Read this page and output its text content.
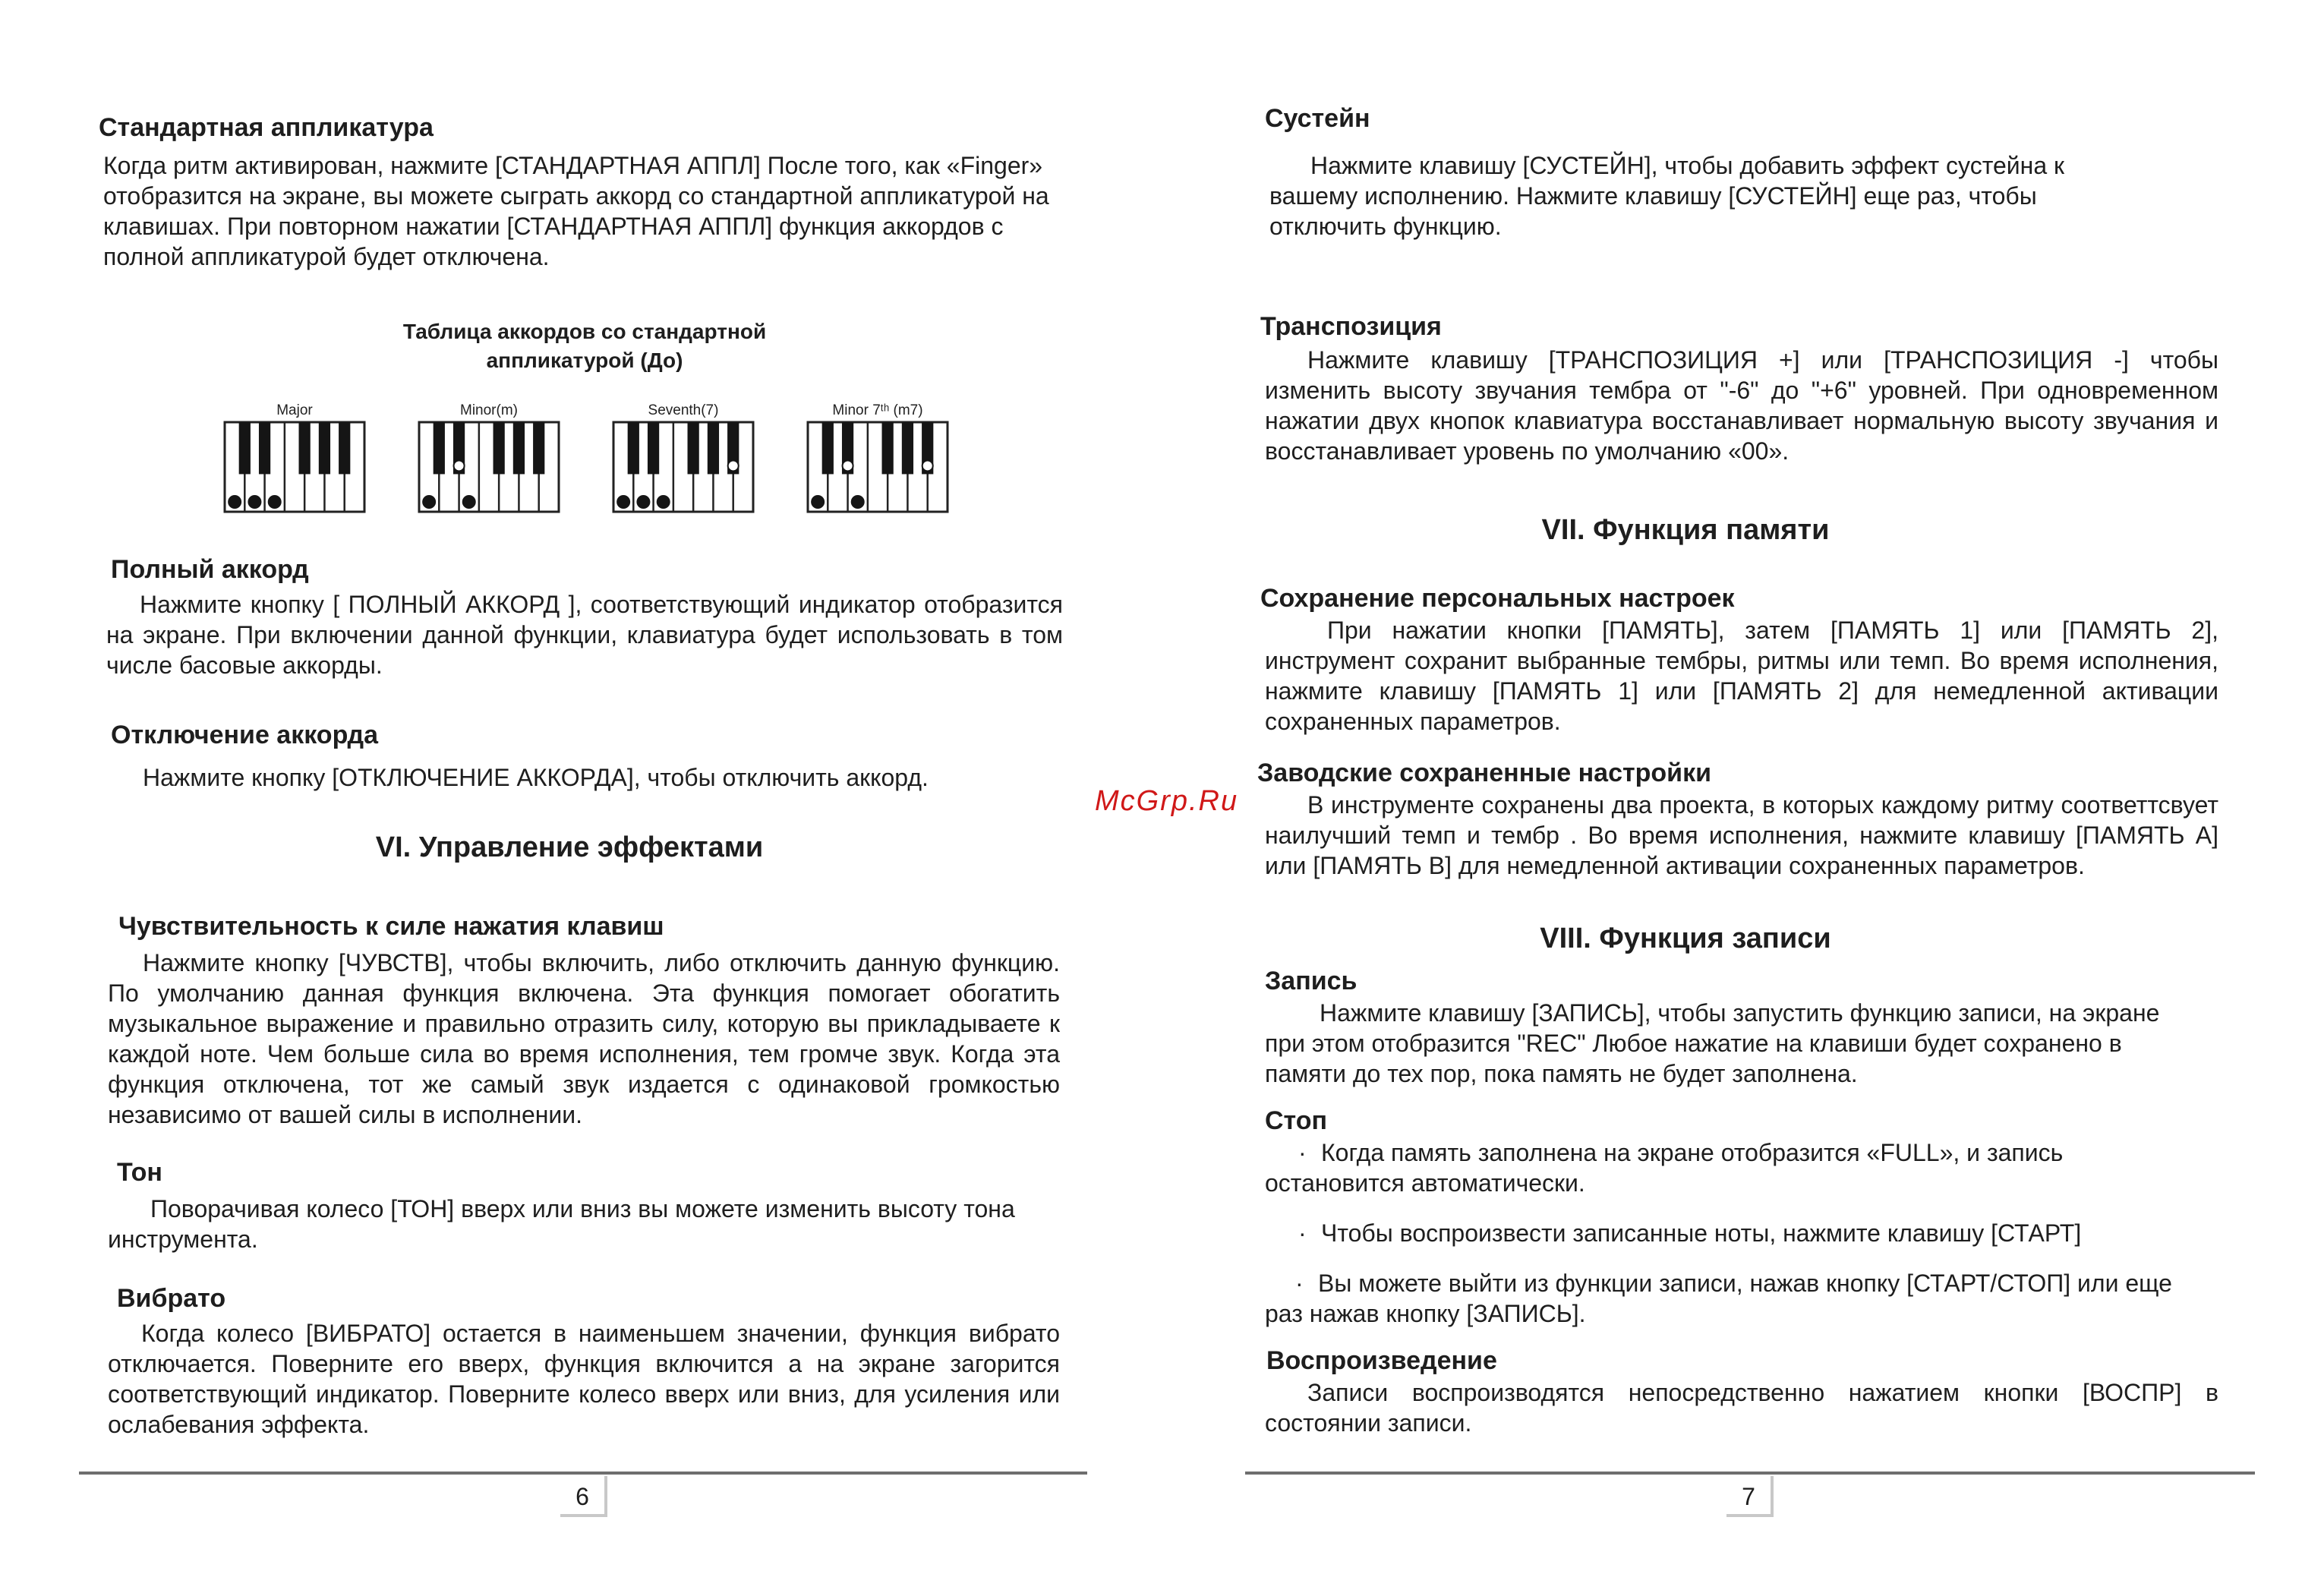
Стандартная аппликатура
Когда ритм активирован, нажмите [СТАНДАРТНАЯ АППЛ] После того, как «Finger» отобразится на экране, вы можете сыграть аккорд со стандартной аппликатурой на клавишах. При повторном нажатии [СТАНДАРТНАЯ АППЛ] функция аккордов с полной аппликатурой будет отключена.
Таблица аккордов со стандартной
аппликатурой (До)
Major	Minor(m)	Seventh(7)	Minor 7ᵗʰ (m7)
Полный аккорд
Нажмите кнопку [ ПОЛНЫЙ АККОРД ], соответствующий индикатор отобразится на экране. При включении данной функции, клавиатура будет использовать в том числе басовые аккорды.
Отключение аккорда
Нажмите кнопку [ОТКЛЮЧЕНИЕ АККОРДА], чтобы отключить аккорд.
VI. Управление эффектами
Чувствительность к силе нажатия клавиш
Нажмите кнопку [ЧУВСТВ], чтобы включить, либо отключить данную функцию. По умолчанию данная функция включена. Эта функция помогает обогатить музыкальное выражение и правильно отразить силу, которую вы прикладываете к каждой ноте. Чем больше сила во время исполнения, тем громче звук. Когда эта функция отключена, тот же самый звук издается с одинаковой громкостью независимо от вашей силы в исполнении.
Тон
Поворачивая колесо [ТОН] вверх или вниз вы можете изменить высоту тона инструмента.
Вибрато
Когда колесо [ВИБРАТО] остается в наименьшем значении, функция вибрато отключается. Поверните его вверх, функция включится а на экране загорится соответствующий индикатор. Поверните колесо вверх или вниз, для усиления или ослабевания эффекта.
6
McGrp.Ru
Сустейн
Нажмите клавишу [СУСТЕЙН], чтобы добавить эффект сустейна к вашему исполнению. Нажмите клавишу [СУСТЕЙН] еще раз, чтобы отключить функцию.
Транспозиция
Нажмите клавишу [ТРАНСПОЗИЦИЯ +] или [ТРАНСПОЗИЦИЯ -] чтобы изменить высоту звучания тембра от "-6" до "+6" уровней. При одновременном нажатии двух кнопок клавиатура восстанавливает нормальную высоту звучания и восстанавливает уровень по умолчанию «00».
VII. Функция памяти
Сохранение персональных настроек
При нажатии кнопки [ПАМЯТЬ], затем [ПАМЯТЬ 1] или [ПАМЯТЬ 2], инструмент сохранит выбранные тембры, ритмы или темп. Во время исполнения, нажмите клавишу [ПАМЯТЬ 1] или [ПАМЯТЬ 2] для немедленной активации сохраненных параметров.
Заводские сохраненные настройки
В инструменте сохранены два проекта, в которых каждому ритму соответтсвует наилучший темп и тембр . Во время исполнения, нажмите клавишу [ПАМЯТЬ А] или [ПАМЯТЬ В] для немедленной активации сохраненных параметров.
VIII. Функция записи
Запись
Нажмите клавишу [ЗАПИСЬ], чтобы запустить функцию записи, на экране при этом отобразится "REC" Любое нажатие на клавиши будет сохранено в памяти до тех пор, пока память не будет заполнена.
Стоп
· Когда память заполнена на экране отобразится «FULL», и запись остановится автоматически.
· Чтобы воспроизвести записанные ноты, нажмите клавишу [СТАРТ]
· Вы можете выйти из функции записи, нажав кнопку [СТАРТ/СТОП] или еще раз нажав кнопку [ЗАПИСЬ].
Воспроизведение
Записи воспроизводятся непосредственно нажатием кнопки [ВОСПР] в состоянии записи.
7
